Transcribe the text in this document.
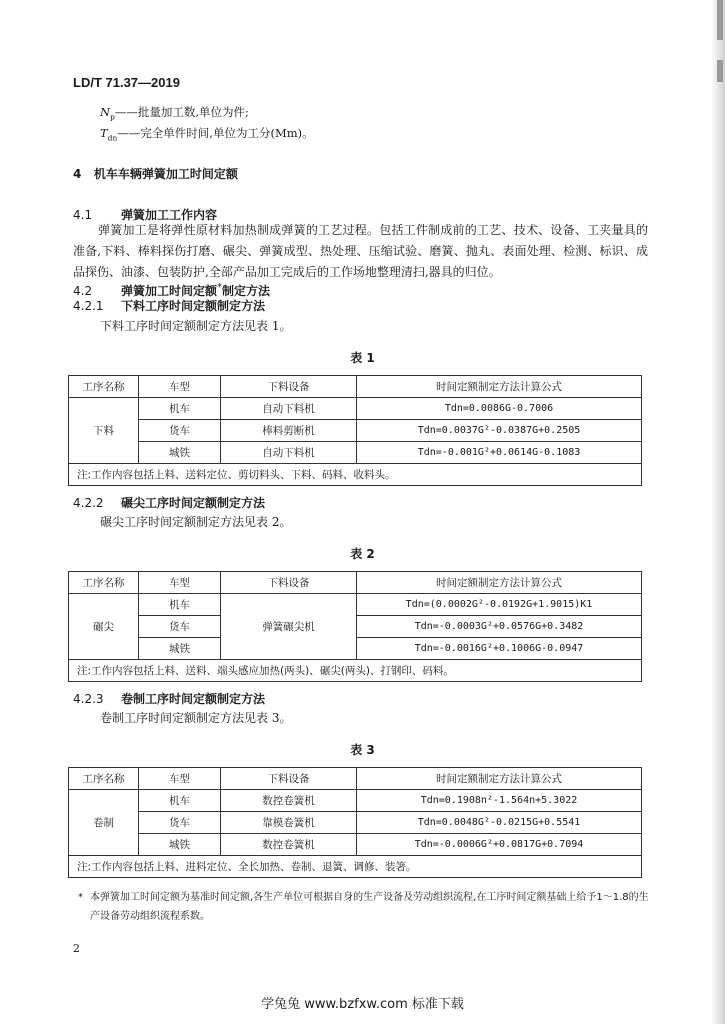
LD/T 71.37—2019
$N_p——$批量加工数,单位为件;
$T_{dn}——$完全单件时间,单位为工分(Mm)。
4 机车车辆弹簧加工时间定额
4.1 弹簧加工工作内容

弹簧加工是将弹性原材料加热制成弹簧的工艺过程。包括工件制成前的工艺、技术、设备、工夹量具的准备,下料、棒料探伤打磨、碾尖、弹簧成型、热处理、压缩试验、磨簧、抛丸、表面处理、检测、标识、成品探伤、油漆、包装防护,全部产品加工完成后的工作场地整理清扫,器具的归位。

4.2 弹簧加工时间定额*制定方法
4.2.1 下料工序时间定额制定方法
下料工序时间定额制定方法见表 1。
表 1
工序名称	车型	下料设备	时间定额制定方法计算公式
下料	机车	自动下料机	Tdn=0.0086G-0.7006
	货车	棒料剪断机	Tdn=0.0037G²-0.0387G+0.2505
	城铁	自动下料机	Tdn=-0.001G²+0.0614G-0.1083
注:工作内容包括上料、送料定位、剪切料头、下料、码料、收料头。			
4.2.2 碾尖工序时间定额制定方法
碾尖工序时间定额制定方法见表 2。
表 2
工序名称	车型	下料设备	时间定额制定方法计算公式
碾尖	机车	弹簧碾尖机	Tdn=(0.0002G²-0.0192G+1.9015)K1
	货车		Tdn=-0.0003G²+0.0576G+0.3482
	城铁		Tdn=-0.0016G²+0.1006G-0.0947
注:工作内容包括上料、送料、端头感应加热(两头)、碾尖(两头)、打钢印、码料。			
4.2.3 卷制工序时间定额制定方法
卷制工序时间定额制定方法见表 3。
表 3
工序名称	车型	下料设备	时间定额制定方法计算公式
卷制	机车	数控卷簧机	Tdn=0.1908n²-1.564n+5.3022
	货车	靠模卷簧机	Tdn=0.0048G²-0.0215G+0.5541
	城铁	数控卷簧机	Tdn=-0.0006G²+0.0817G+0.7094
注:工作内容包括上料、进料定位、全长加热、卷制、退簧、调修、装箸。			
* 本弹簧加工时间定额为基准时间定额,各生产单位可根据自身的生产设备及劳动组织流程,在工序时间定额基础上给予1～1.8的生产设备劳动组织流程系数。
2
学兔兔 www.bzfxw.com 标准下载
